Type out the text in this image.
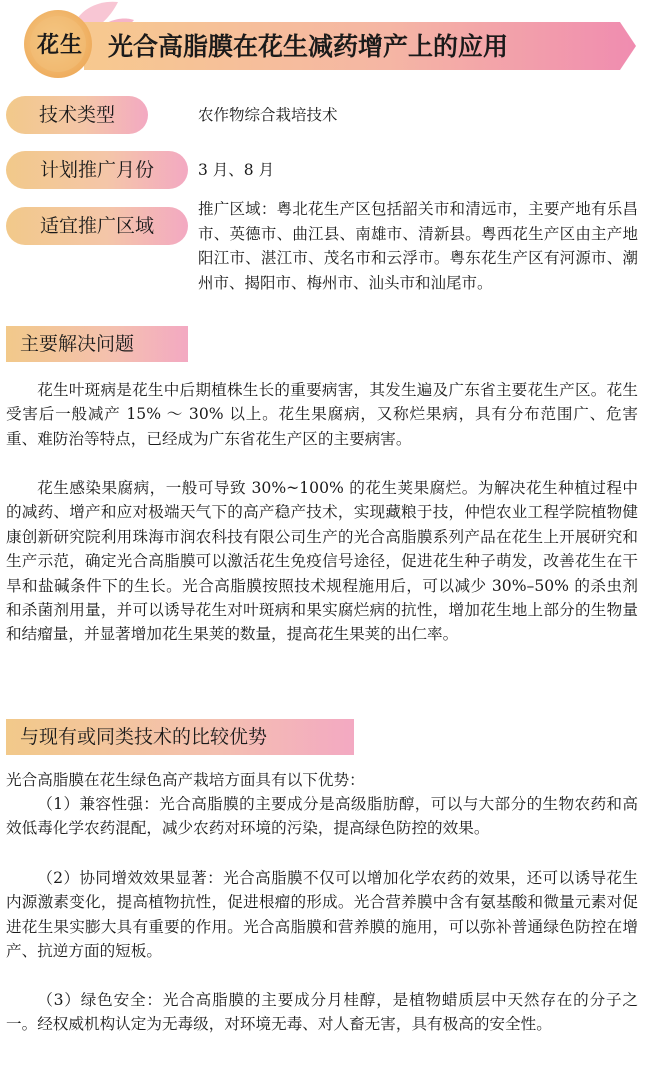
花生 光合高脂膜在花生减药增产上的应用
技术类型	农作物综合栽培技术
计划推广月份	3 月、8 月
适宜推广区域
推广区域：粤北花生产区包括韶关市和清远市，主要产地有乐昌市、英德市、曲江县、南雄市、清新县。粤西花生产区由主产地阳江市、湛江市、茂名市和云浮市。粤东花生产区有河源市、潮州市、揭阳市、梅州市、汕头市和汕尾市。
主要解决问题

花生叶斑病是花生中后期植株生长的重要病害，其发生遍及广东省主要花生产区。花生受害后一般减产 15% ～ 30% 以上。花生果腐病，又称烂果病，具有分布范围广、危害重、难防治等特点，已经成为广东省花生产区的主要病害。

花生感染果腐病，一般可导致 30%~100% 的花生荚果腐烂。为解决花生种植过程中的减药、增产和应对极端天气下的高产稳产技术，实现藏粮于技，仲恺农业工程学院植物健康创新研究院利用珠海市润农科技有限公司生产的光合高脂膜系列产品在花生上开展研究和生产示范，确定光合高脂膜可以激活花生免疫信号途径，促进花生种子萌发，改善花生在干旱和盐碱条件下的生长。光合高脂膜按照技术规程施用后，可以减少 30%–50% 的杀虫剂和杀菌剂用量，并可以诱导花生对叶斑病和果实腐烂病的抗性，增加花生地上部分的生物量和结瘤量，并显著增加花生果荚的数量，提高花生果荚的出仁率。

与现有或同类技术的比较优势

光合高脂膜在花生绿色高产栽培方面具有以下优势：

（1）兼容性强：光合高脂膜的主要成分是高级脂肪醇，可以与大部分的生物农药和高效低毒化学农药混配，减少农药对环境的污染，提高绿色防控的效果。

（2）协同增效效果显著：光合高脂膜不仅可以增加化学农药的效果，还可以诱导花生内源激素变化，提高植物抗性，促进根瘤的形成。光合营养膜中含有氨基酸和微量元素对促进花生果实膨大具有重要的作用。光合高脂膜和营养膜的施用，可以弥补普通绿色防控在增产、抗逆方面的短板。

（3）绿色安全：光合高脂膜的主要成分月桂醇，是植物蜡质层中天然存在的分子之一。经权威机构认定为无毒级，对环境无毒、对人畜无害，具有极高的安全性。
